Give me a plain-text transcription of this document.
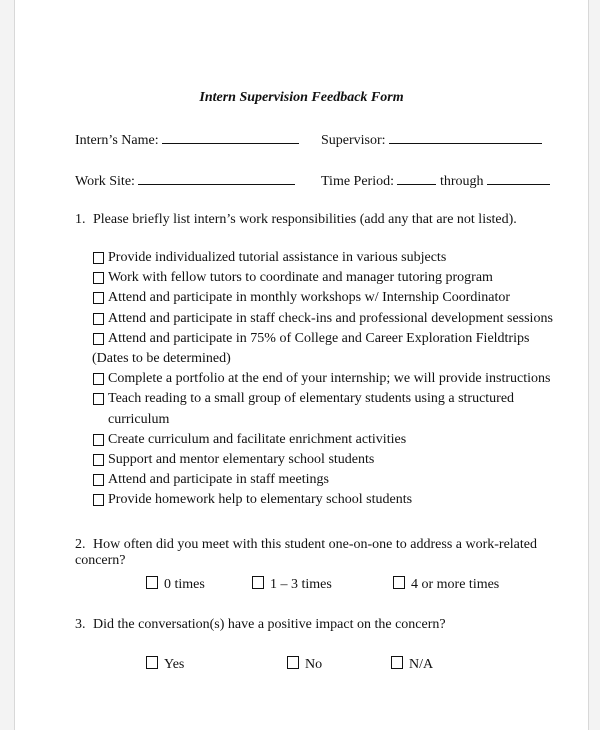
Intern Supervision Feedback Form
Intern’s Name:	Supervisor:
Work Site:	Time Period:	through
1. Please briefly list intern’s work responsibilities (add any that are not listed).
Provide individualized tutorial assistance in various subjects
Work with fellow tutors to coordinate and manager tutoring program
Attend and participate in monthly workshops w/ Internship Coordinator
Attend and participate in staff check-ins and professional development sessions
Attend and participate in 75% of College and Career Exploration Fieldtrips (Dates to be determined)
Complete a portfolio at the end of your internship; we will provide instructions
Teach reading to a small group of elementary students using a structured curriculum
Create curriculum and facilitate enrichment activities
Support and mentor elementary school students
Attend and participate in staff meetings
Provide homework help to elementary school students
2. How often did you meet with this student one-on-one to address a work-related concern?
0 times	1 – 3 times	4 or more times
3. Did the conversation(s) have a positive impact on the concern?
Yes	No	N/A
